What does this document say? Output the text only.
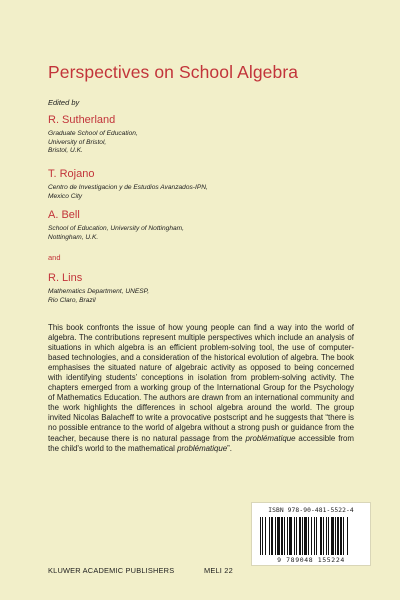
Perspectives on School Algebra
Edited by
R. Sutherland
Graduate School of Education,
University of Bristol,
Bristol, U.K.
T. Rojano
Centro de Investigacion y de Estudios Avanzados-IPN,
Mexico City
A. Bell
School of Education, University of Nottingham,
Nottingham, U.K.
and
R. Lins
Mathematics Department, UNESP,
Rio Claro, Brazil

This book confronts the issue of how young people can find a way into the world of algebra. The contributions represent multiple perspectives which include an analysis of situations in which algebra is an efficient problem-solving tool, the use of computer-based technologies, and a consideration of the historical evolution of algebra. The book emphasises the situated nature of algebraic activity as opposed to being concerned with identifying students’ conceptions in isolation from problem-solving activity. The chapters emerged from a working group of the International Group for the Psychology of Mathematics Education. The authors are drawn from an international community and the work highlights the differences in school algebra around the world. The group invited Nicolas Balacheff to write a provocative postscript and he suggests that “there is no possible entrance to the world of algebra without a strong push or guidance from the teacher, because there is no natural passage from the problématique accessible from the child's world to the mathematical problématique”.

ISBN 978-90-481-5522-4
9 789048 155224
KLUWER ACADEMIC PUBLISHERS	MELI 22
